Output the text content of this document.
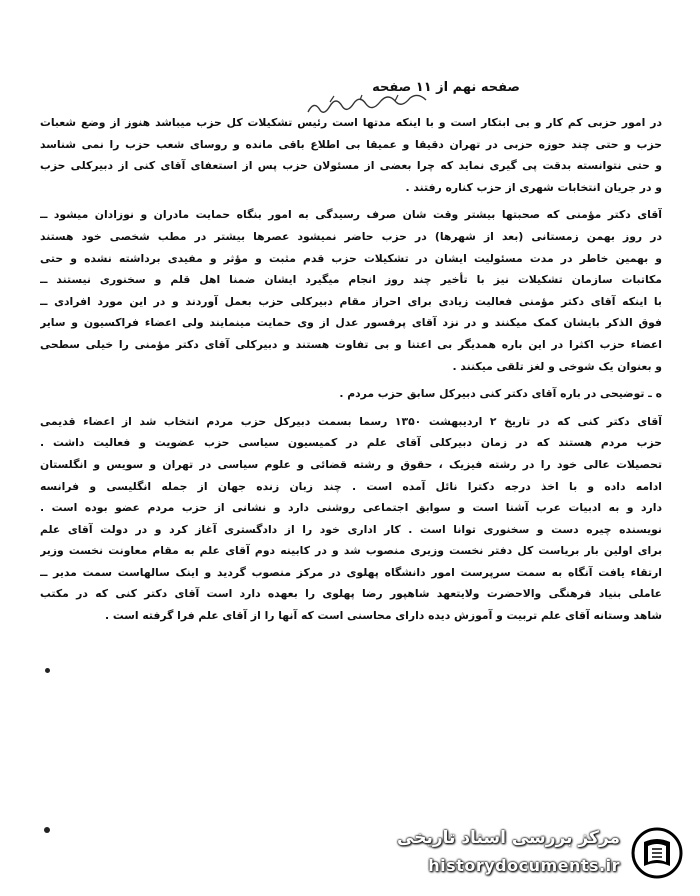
صفحه نهم از ۱۱ صفحه
در امور حزبی کم کار و بی ابتکار است و با اینکه مدتها است رئیس تشکیلات کل حزب میباشد هنوز از وضع شعبات
حزب و حتی چند حوزه حزبی در تهران دقیقا و عمیقا بی اطلاع باقی مانده و روسای شعب حزب را نمی شناسد
و حتی نتوانسته بدقت پی گیری نماید که چرا بعضی از مسئولان حزب پس از استعفای آقای کنی از دبیرکلی حزب
و در جریان انتخابات شهری از حزب کناره رفتند .
آقای دکتر مؤمنی که صحبتها بیشتر وقت شان صرف رسیدگی به امور بنگاه حمایت مادران و نوزادان میشود ــ
در روز بهمن زمستانی (بعد از شهرها) در حزب حاضر نمیشود عصرها بیشتر در مطب شخصی خود هستند
و بهمین خاطر در مدت مسئولیت ایشان در تشکیلات حزب قدم مثبت و مؤثر و مفیدی برداشته نشده و حتی
مکاتبات سازمان تشکیلات نیز با تأخیر چند روز انجام میگیرد ایشان ضمنا اهل قلم و سخنوری نیستند ــ
با اینکه آقای دکتر مؤمنی فعالیت زیادی برای احراز مقام دبیرکلی حزب بعمل آوردند و در این مورد افرادی ــ
فوق الذکر بایشان کمک میکنند و در نزد آقای پرفسور عدل از وی حمایت مینمایند ولی اعضاء فراکسیون و سایر
اعضاء حزب اکثرا در این باره همدیگر بی اعتنا و بی تفاوت هستند و دبیرکلی آقای دکتر مؤمنی را خیلی سطحی
و بعنوان یک شوخی و لغز تلقی میکنند .
ه ـ توضیحی در باره آقای دکتر کنی دبیرکل سابق حزب مردم .
آقای دکتر کنی که در تاریخ ۲ اردیبهشت ۱۳۵۰ رسما بسمت دبیرکل حزب مردم انتخاب شد از اعضاء قدیمی
حزب مردم هستند که در زمان دبیرکلی آقای علم در کمیسیون سیاسی حزب عضویت و فعالیت داشت .
تحصیلات عالی خود را در رشته فیزیک ، حقوق و رشته قضائی و علوم سیاسی در تهران و سویس و انگلستان
ادامه داده و با اخذ درجه دکترا نائل آمده است . چند زبان زنده جهان از جمله انگلیسی و فرانسه
دارد و به ادبیات عرب آشنا است و سوابق اجتماعی روشنی دارد و نشانی از حزب مردم عضو بوده است .
نویسنده چیره دست و سخنوری توانا است . کار اداری خود را از دادگستری آغاز کرد و در دولت آقای علم
برای اولین بار بریاست کل دفتر نخست وزیری منصوب شد و در کابینه دوم آقای علم به مقام معاونت نخست وزیر
ارتقاء یافت آنگاه به سمت سرپرست امور دانشگاه پهلوی در مرکز منصوب گردید و اینک سالهاست سمت مدیر ــ
عاملی بنیاد فرهنگی والاحضرت ولایتعهد شاهپور رضا پهلوی را بعهده دارد است آقای دکتر کنی که در مکتب
شاهد وستانه آقای علم تربیت و آموزش دیده دارای محاسنی است که آنها را از آقای علم فرا گرفته است .
مرکز بررسی اسناد تاریخی
historydocuments.ir
